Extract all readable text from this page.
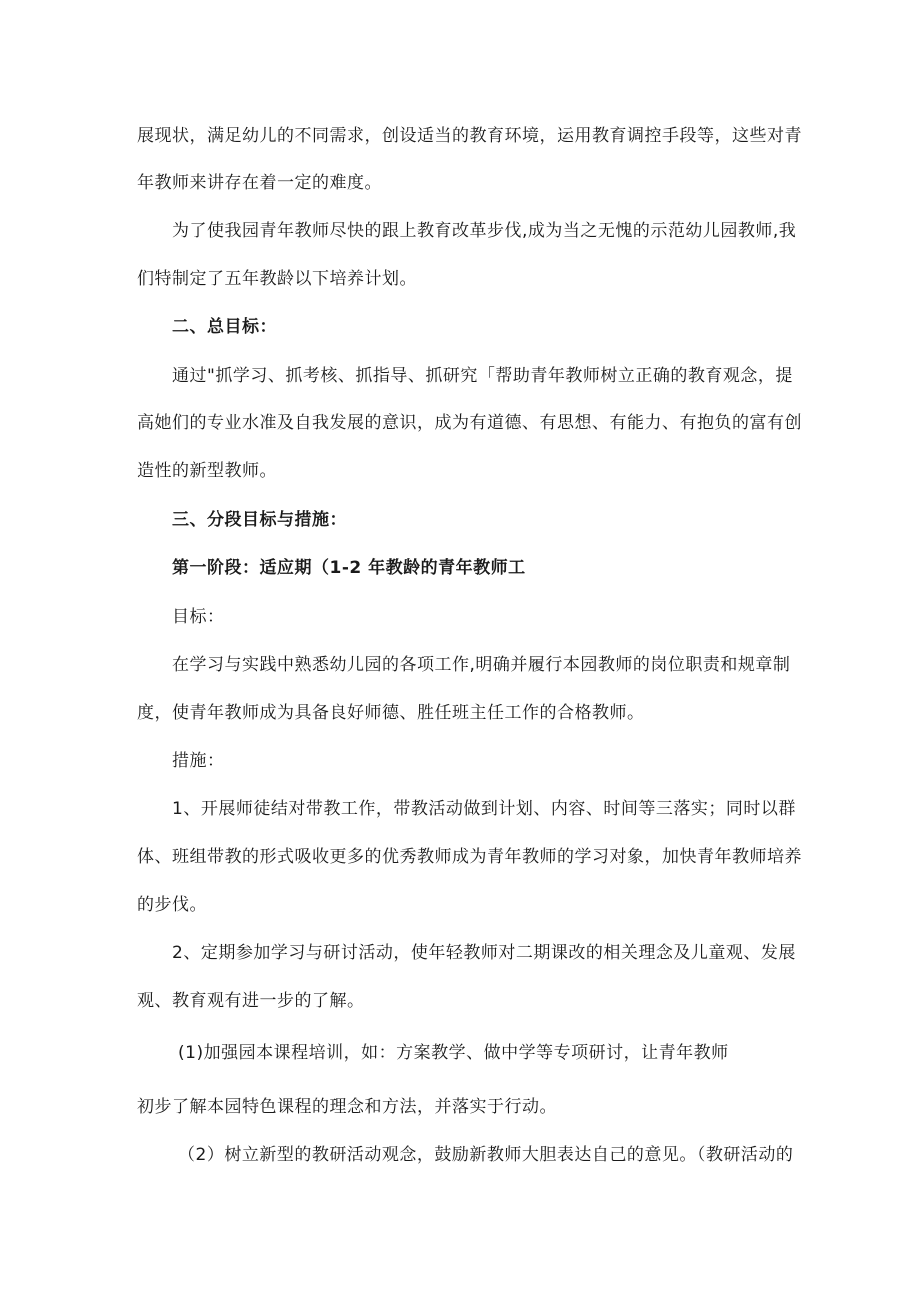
展现状，满足幼儿的不同需求，创设适当的教育环境，运用教育调控手段等，这些对青
年教师来讲存在着一定的难度。
为了使我园青年教师尽快的跟上教育改革步伐,成为当之无愧的示范幼儿园教师,我
们特制定了五年教龄以下培养计划。
二、总目标：
通过"抓学习、抓考核、抓指导、抓研究「帮助青年教师树立正确的教育观念，提
高她们的专业水准及自我发展的意识，成为有道德、有思想、有能力、有抱负的富有创
造性的新型教师。
三、分段目标与措施：
第一阶段：适应期（1-2 年教龄的青年教师工
目标：
在学习与实践中熟悉幼儿园的各项工作,明确并履行本园教师的岗位职责和规章制
度，使青年教师成为具备良好师德、胜任班主任工作的合格教师。
措施：
1、开展师徒结对带教工作，带教活动做到计划、内容、时间等三落实；同时以群
体、班组带教的形式吸收更多的优秀教师成为青年教师的学习对象，加快青年教师培养
的步伐。
2、定期参加学习与研讨活动，使年轻教师对二期课改的相关理念及儿童观、发展
观、教育观有进一步的了解。
(1)加强园本课程培训，如：方案教学、做中学等专项研讨，让青年教师
初步了解本园特色课程的理念和方法，并落实于行动。
（2）树立新型的教研活动观念，鼓励新教师大胆表达自己的意见。（教研活动的
